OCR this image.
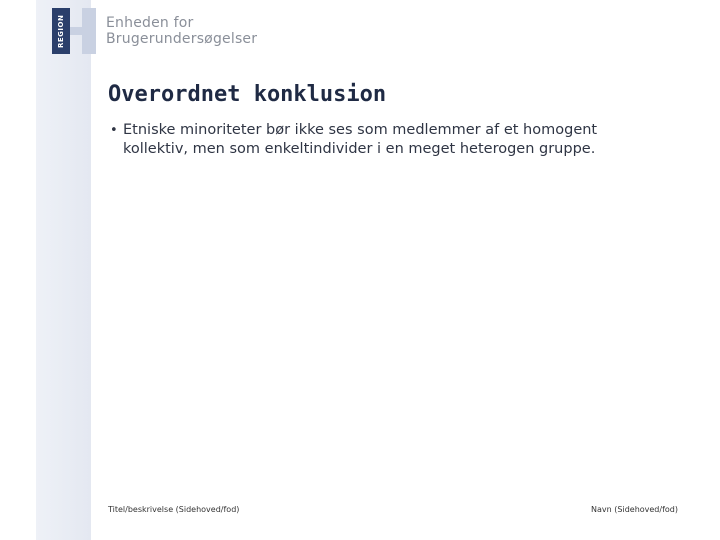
REGION	Enheden for
Brugerundersøgelser
Overordnet konklusion
• Etniske minoriteter bør ikke ses som medlemmer af et homogent
kollektiv, men som enkeltindivider i en meget heterogen gruppe.
Titel/beskrivelse (Sidehoved/fod)	Navn (Sidehoved/fod)
